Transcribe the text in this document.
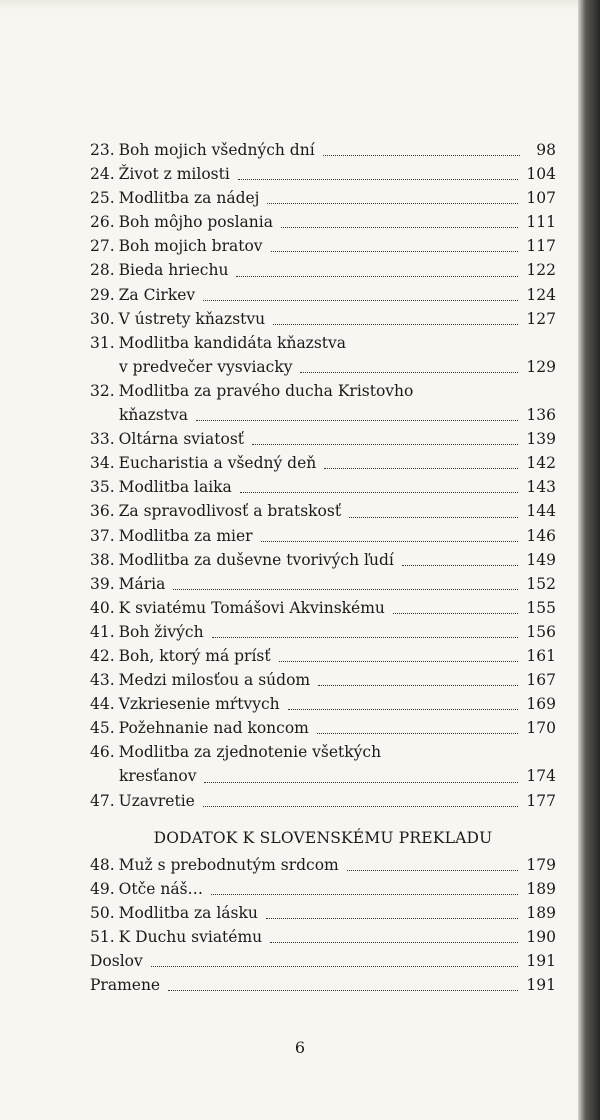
23. Boh mojich všedných dní	98
24. Život z milosti	104
25. Modlitba za nádej	107
26. Boh môjho poslania	111
27. Boh mojich bratov	117
28. Bieda hriechu	122
29. Za Cirkev	124
30. V ústrety kňazstvu	127
31. Modlitba kandidáta kňazstva
v predvečer vysviacky	129
32. Modlitba za pravého ducha Kristovho
kňazstva	136
33. Oltárna sviatosť	139
34. Eucharistia a všedný deň	142
35. Modlitba laika	143
36. Za spravodlivosť a bratskosť	144
37. Modlitba za mier	146
38. Modlitba za duševne tvorivých ľudí	149
39. Mária	152
40. K sviatému Tomášovi Akvinskému	155
41. Boh živých	156
42. Boh, ktorý má prísť	161
43. Medzi milosťou a súdom	167
44. Vzkriesenie mŕtvych	169
45. Požehnanie nad koncom	170
46. Modlitba za zjednotenie všetkých
kresťanov	174
47. Uzavretie	177
DODATOK K SLOVENSKÉMU PREKLADU
48. Muž s prebodnutým srdcom	179
49. Otče náš…	189
50. Modlitba za lásku	189
51. K Duchu sviatému	190
Doslov	191
Pramene	191
6
